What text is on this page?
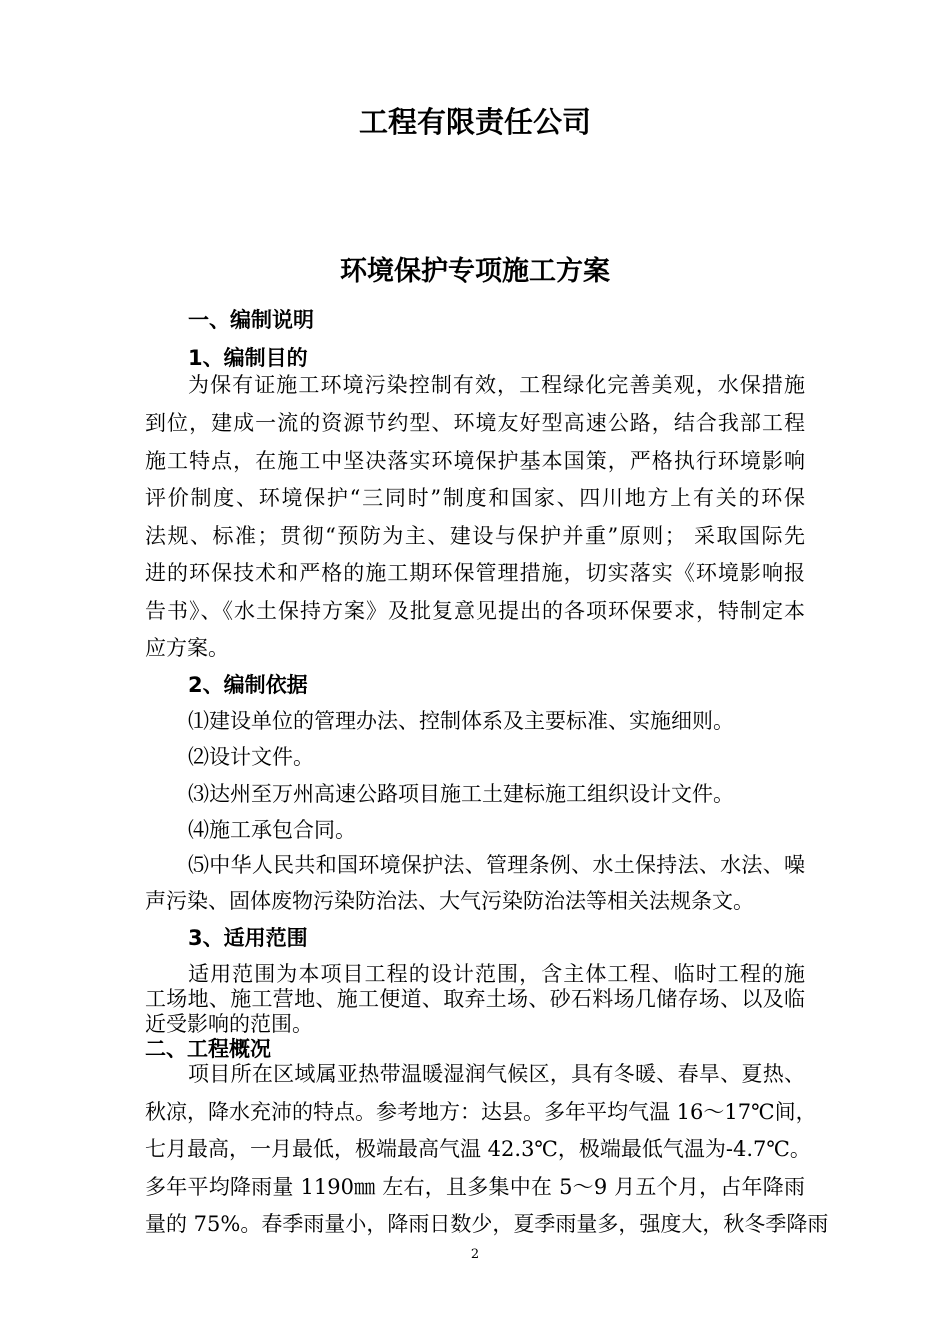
工程有限责任公司
环境保护专项施工方案
一、编制说明
1、编制目的
为保有证施工环境污染控制有效，工程绿化完善美观，水保措施
到位，建成一流的资源节约型、环境友好型高速公路，结合我部工程
施工特点，在施工中坚决落实环境保护基本国策，严格执行环境影响
评价制度、环境保护“三同时”制度和国家、四川地方上有关的环保
法规、标准；贯彻“预防为主、建设与保护并重”原则； 采取国际先
进的环保技术和严格的施工期环保管理措施，切实落实《环境影响报
告书》、《水土保持方案》及批复意见提出的各项环保要求，特制定本
应方案。
2、编制依据
⑴建设单位的管理办法、控制体系及主要标准、实施细则。
⑵设计文件。
⑶达州至万州高速公路项目施工土建标施工组织设计文件。
⑷施工承包合同。
⑸中华人民共和国环境保护法、管理条例、水土保持法、水法、噪
声污染、固体废物污染防治法、大气污染防治法等相关法规条文。
3、适用范围
适用范围为本项目工程的设计范围，含主体工程、临时工程的施
工场地、施工营地、施工便道、取弃土场、砂石料场几储存场、以及临
近受影响的范围。
二、工程概况
项目所在区域属亚热带温暖湿润气候区，具有冬暖、春旱、夏热、
秋凉，降水充沛的特点。参考地方：达县。多年平均气温 16～17℃间，
七月最高，一月最低，极端最高气温 42.3℃，极端最低气温为-4.7℃。
多年平均降雨量 1190㎜ 左右，且多集中在 5～9 月五个月，占年降雨
量的 75%。春季雨量小，降雨日数少，夏季雨量多，强度大，秋冬季降雨
2
